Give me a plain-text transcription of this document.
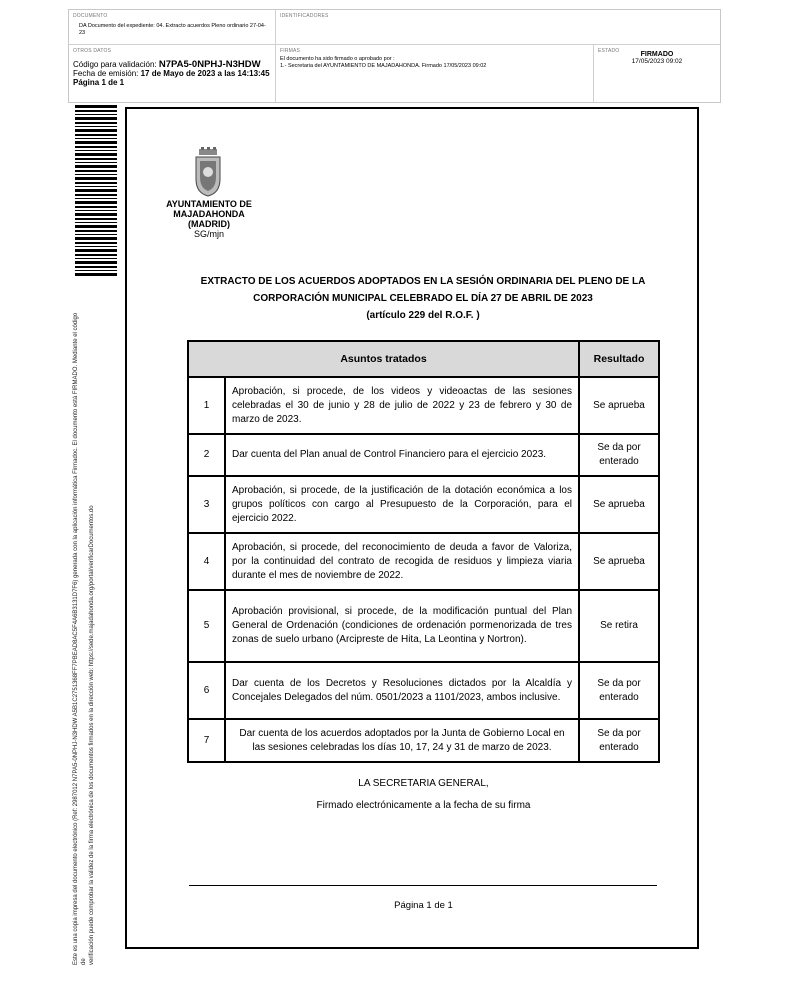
DOCUMENTO
DA Documento del expediente: 04. Extracto acuerdos Pleno ordinario 27-04-23
IDENTIFICADORES
OTROS DATOS
Código para validación: N7PA5-0NPHJ-N3HDW
Fecha de emisión: 17 de Mayo de 2023 a las 14:13:45
Página 1 de 1
FIRMAS
El documento ha sido firmado o aprobado por :
1.- Secretaria del AYUNTAMIENTO DE MAJADAHONDA. Firmado 17/05/2023 09:02
ESTADO	FIRMADO
17/05/2023 09:02
Este es una copia impresa del documento electrónico (Ref: 2987012 N7PA5-0NPHJ-N3HDW A5B1C2751368FF7PBEAD8AC5F4A6B3131D7F6) generada con la aplicación informática Firmadoc. El documento está FIRMADO. Mediante el código de verificación puede comprobar la validez de la firma electrónica de los documentos firmados en la dirección web: https://sede.majadahonda.org/portal/verificarDocumentos.do
AYUNTAMIENTO DE
MAJADAHONDA
(MADRID)
SG/mjn
EXTRACTO DE LOS ACUERDOS ADOPTADOS EN LA SESIÓN ORDINARIA DEL PLENO DE LA
CORPORACIÓN MUNICIPAL CELEBRADO EL DÍA 27 DE ABRIL DE 2023
(artículo 229 del R.O.F. )
Asuntos tratados		Resultado
1	Aprobación, si procede, de los videos y videoactas de las sesiones celebradas el 30 de junio y 28 de julio de 2022 y 23 de febrero y 30 de marzo de 2023.	Se aprueba
2	Dar cuenta del Plan anual de Control Financiero para el ejercicio 2023.	Se da por enterado
3	Aprobación, si procede, de la justificación de la dotación económica a los grupos políticos con cargo al Presupuesto de la Corporación, para el ejercicio 2022.	Se aprueba
4	Aprobación, si procede, del reconocimiento de deuda a favor de Valoriza, por la continuidad del contrato de recogida de residuos y limpieza viaria durante el mes de noviembre de 2022.	Se aprueba
5	Aprobación provisional, si procede, de la modificación puntual del Plan General de Ordenación (condiciones de ordenación pormenorizada de tres zonas de suelo urbano (Arcipreste de Hita, La Leontina y Nortron).	Se retira
6	Dar cuenta de los Decretos y Resoluciones dictados por la Alcaldía y Concejales Delegados del núm. 0501/2023 a 1101/2023, ambos inclusive.	Se da por enterado
7	Dar cuenta de los acuerdos adoptados por la Junta de Gobierno Local en las sesiones celebradas los días 10, 17, 24 y 31 de marzo de 2023.	Se da por enterado
LA SECRETARIA GENERAL,
Firmado electrónicamente a la fecha de su firma
Página 1 de 1
